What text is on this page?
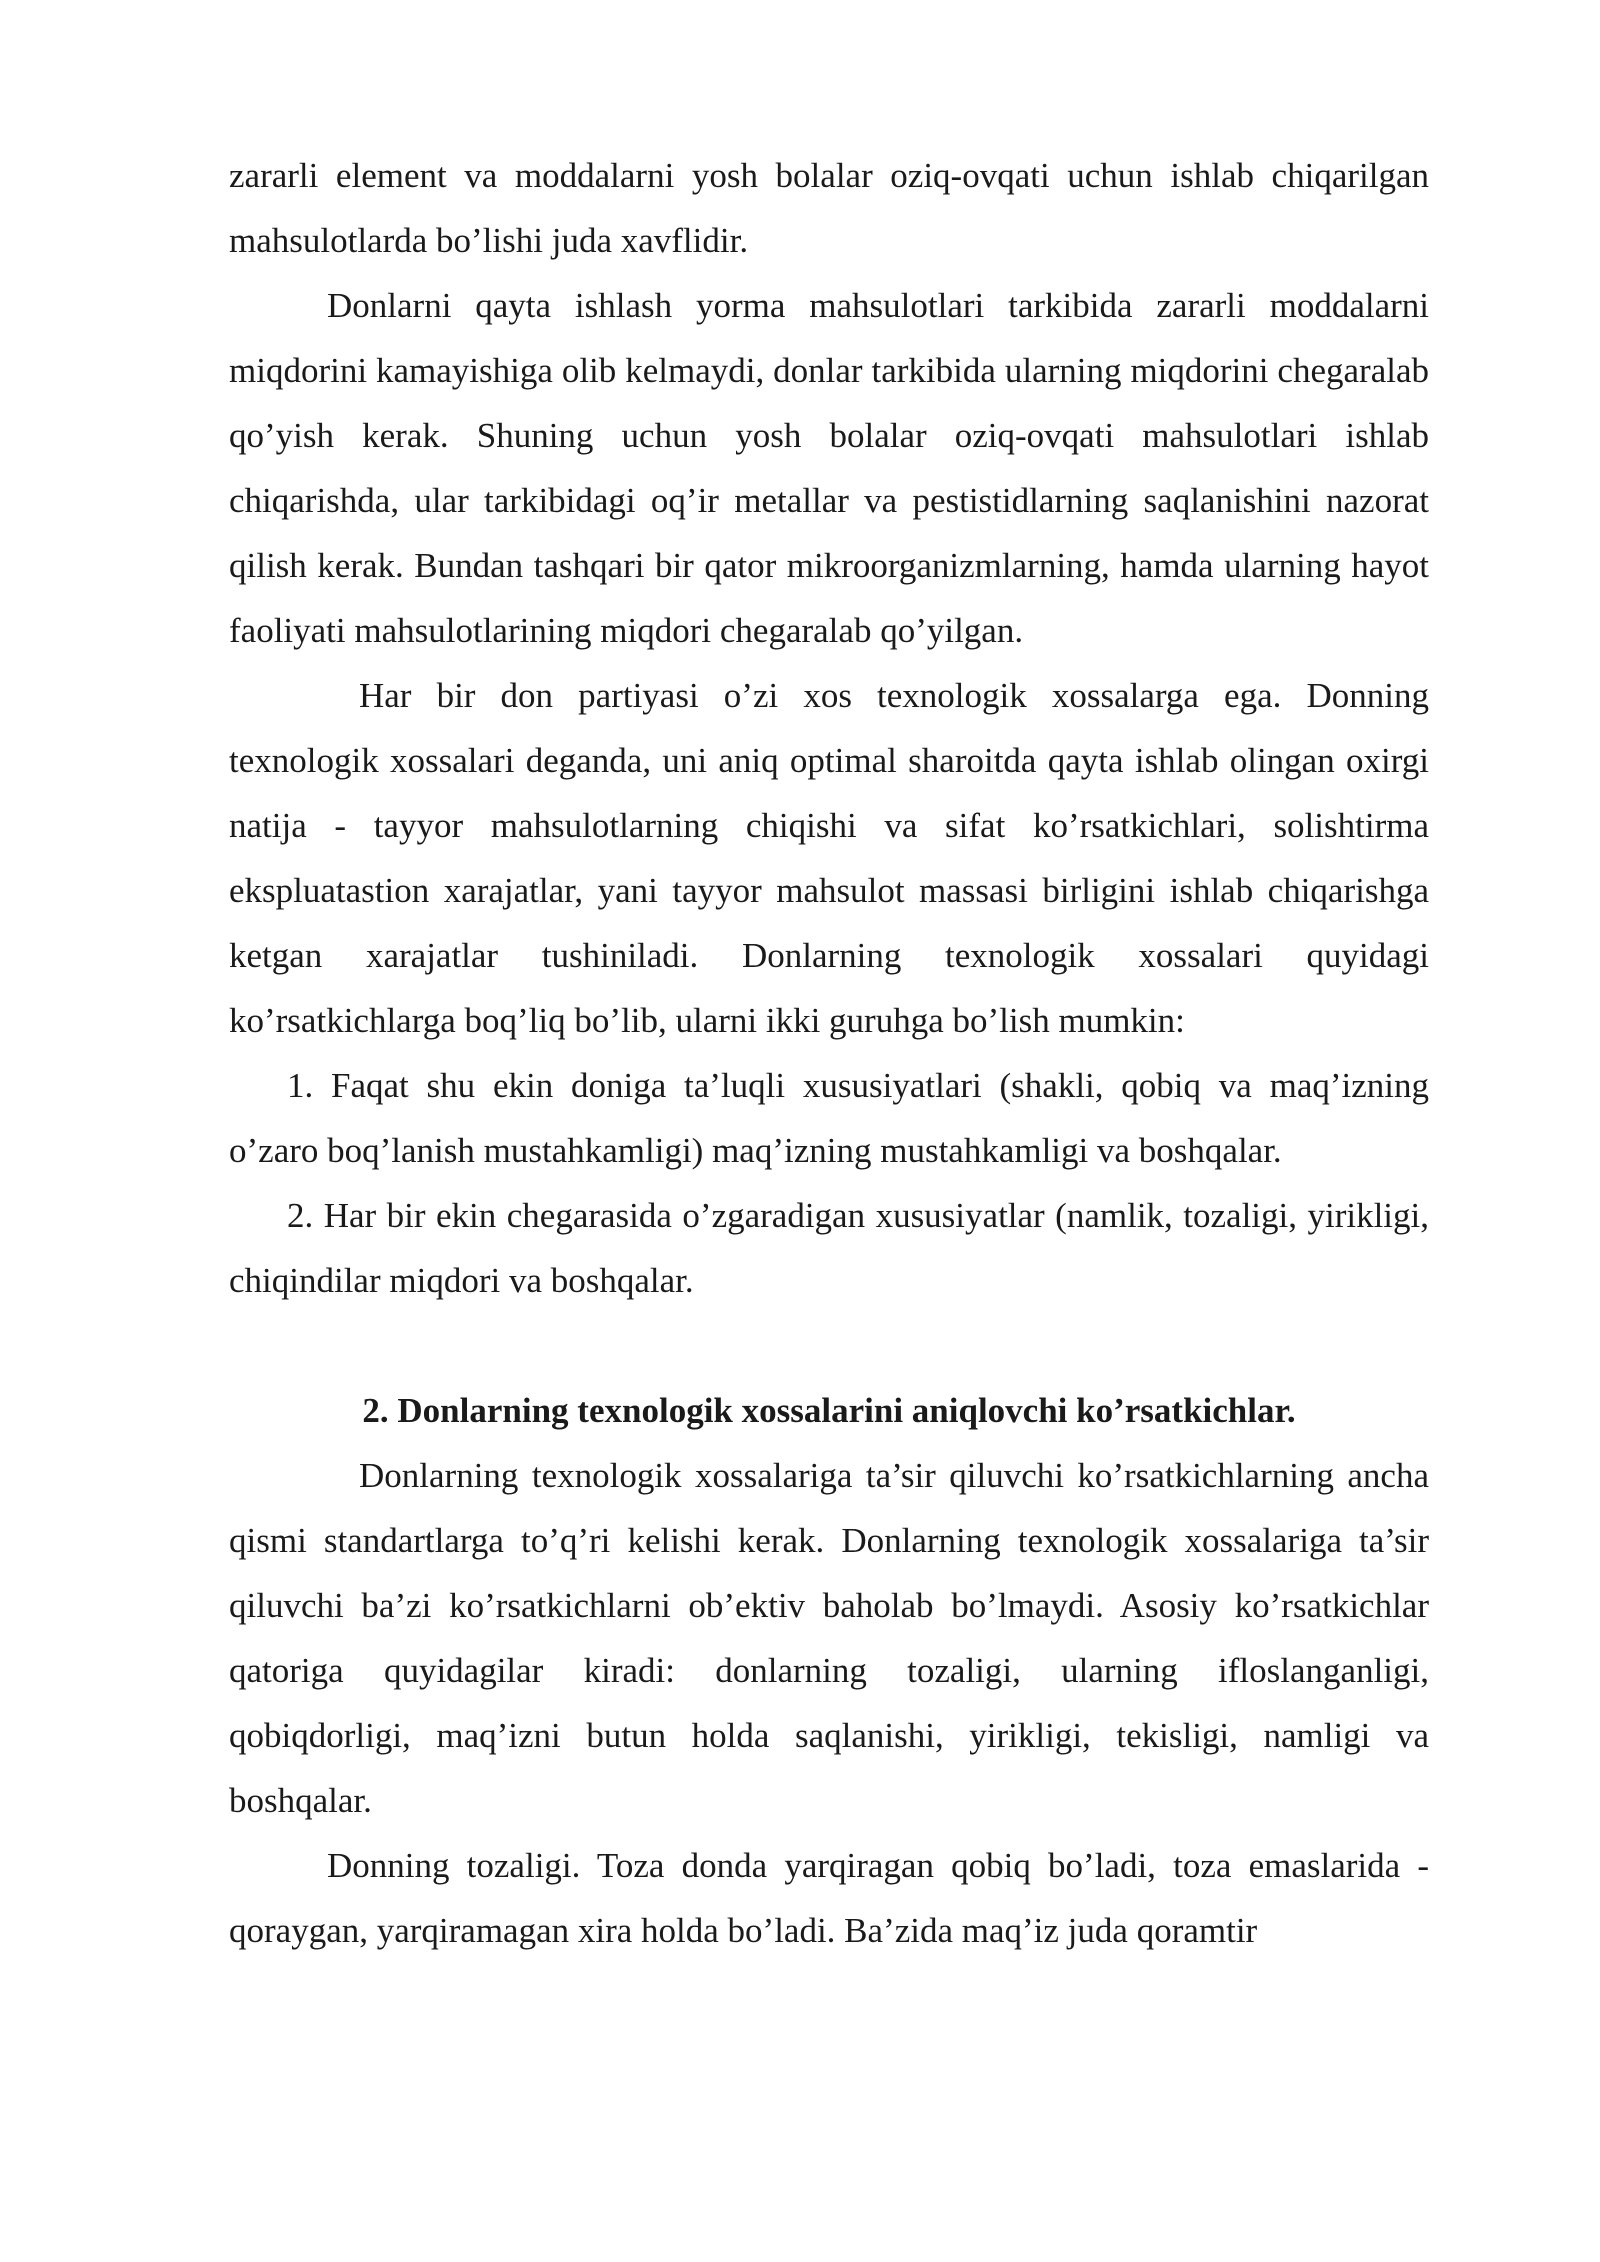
zararli element va moddalarni yosh bolalar oziq-ovqati uchun ishlab chiqarilgan mahsulotlarda bo’lishi juda xavflidir.

Donlarni qayta ishlash yorma mahsulotlari tarkibida zararli moddalarni miqdorini kamayishiga olib kelmaydi, donlar tarkibida ularning miqdorini chegaralab qo’yish kerak. Shuning uchun yosh bolalar oziq-ovqati mahsulotlari ishlab chiqarishda, ular tarkibidagi oq’ir metallar va pestistidlarning saqlanishini nazorat qilish kerak. Bundan tashqari bir qator mikroorganizmlarning, hamda ularning hayot faoliyati mahsulotlarining miqdori chegaralab qo’yilgan.

Har bir don partiyasi o’zi xos texnologik xossalarga ega. Donning texnologik xossalari deganda, uni aniq optimal sharoitda qayta ishlab olingan oxirgi natija - tayyor mahsulotlarning chiqishi va sifat ko’rsatkichlari, solishtirma ekspluatastion xarajatlar, yani tayyor mahsulot massasi birligini ishlab chiqarishga ketgan xarajatlar tushiniladi. Donlarning texnologik xossalari quyidagi ko’rsatkichlarga boq’liq bo’lib, ularni ikki guruhga bo’lish mumkin:

1. Faqat shu ekin doniga ta’luqli xususiyatlari (shakli, qobiq va maq’izning o’zaro boq’lanish mustahkamligi) maq’izning mustahkamligi va boshqalar.

2. Har bir ekin chegarasida o’zgaradigan xususiyatlar (namlik, tozaligi, yirikligi, chiqindilar miqdori va boshqalar.

2. Donlarning texnologik xossalarini aniqlovchi ko’rsatkichlar.

Donlarning texnologik xossalariga ta’sir qiluvchi ko’rsatkichlarning ancha qismi standartlarga to’q’ri kelishi kerak. Donlarning texnologik xossalariga ta’sir qiluvchi ba’zi ko’rsatkichlarni ob’ektiv baholab bo’lmaydi. Asosiy ko’rsatkichlar qatoriga quyidagilar kiradi: donlarning tozaligi, ularning ifloslanganligi, qobiqdorligi, maq’izni butun holda saqlanishi, yirikligi, tekisligi, namligi va boshqalar.

Donning tozaligi. Toza donda yarqiragan qobiq bo’ladi, toza emaslarida - qoraygan, yarqiramagan xira holda bo’ladi. Ba’zida maq’iz juda qoramtir
